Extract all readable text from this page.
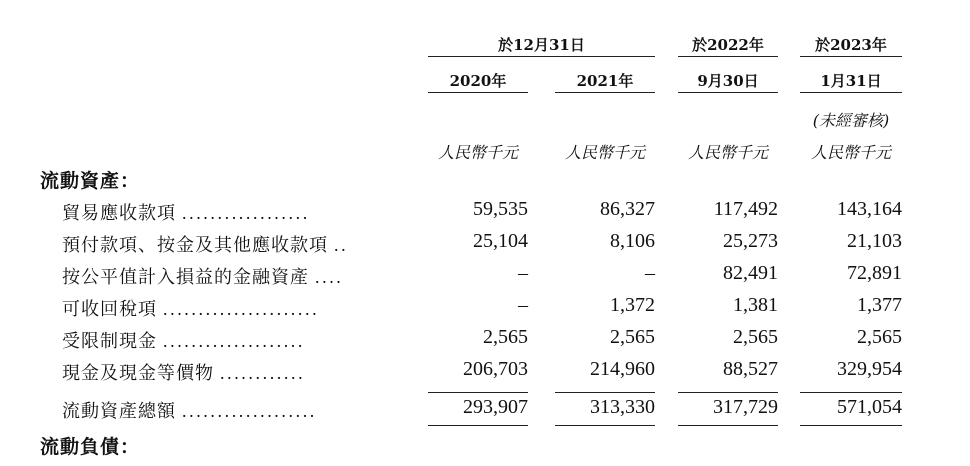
於12月31日	於2022年	於2023年
2020年	2021年	9月30日	1月31日
(未經審核)
人民幣千元	人民幣千元	人民幣千元	人民幣千元
流動資產：
貿易應收款項 ..................	59,535	86,327	117,492	143,164
預付款項、按金及其他應收款項 ..	25,104	8,106	25,273	21,103
按公平值計入損益的金融資產 ....	–	–	82,491	72,891
可收回稅項 ......................	–	1,372	1,381	1,377
受限制現金 ....................	2,565	2,565	2,565	2,565
現金及現金等價物 ............	206,703	214,960	88,527	329,954
流動資產總額 ...................	293,907	313,330	317,729	571,054
流動負債：
